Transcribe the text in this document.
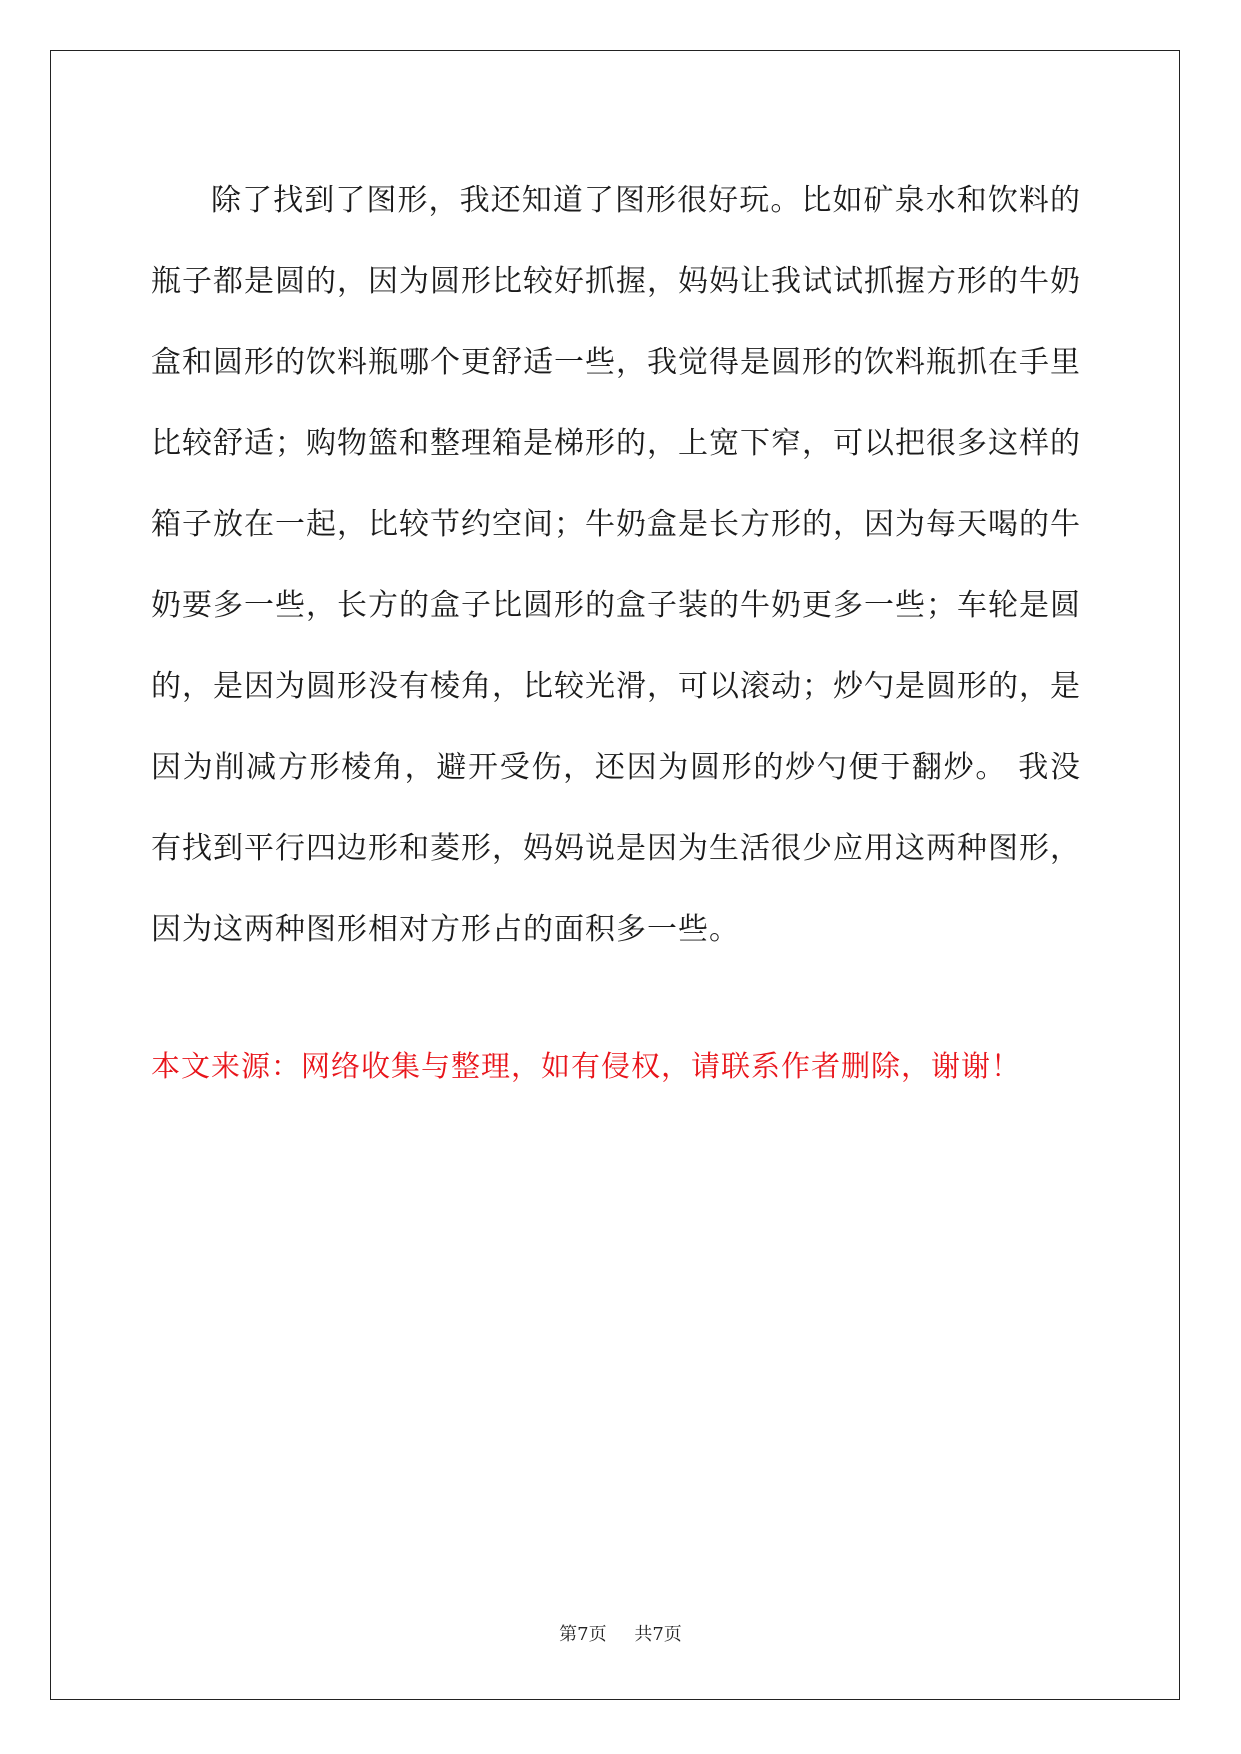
除了找到了图形，我还知道了图形很好玩。比如矿泉水和饮料的瓶子都是圆的，因为圆形比较好抓握，妈妈让我试试抓握方形的牛奶盒和圆形的饮料瓶哪个更舒适一些，我觉得是圆形的饮料瓶抓在手里比较舒适；购物篮和整理箱是梯形的，上宽下窄，可以把很多这样的箱子放在一起，比较节约空间；牛奶盒是长方形的，因为每天喝的牛奶要多一些，长方的盒子比圆形的盒子装的牛奶更多一些；车轮是圆的，是因为圆形没有棱角，比较光滑，可以滚动；炒勺是圆形的，是因为削减方形棱角，避开受伤，还因为圆形的炒勺便于翻炒。 我没有找到平行四边形和菱形，妈妈说是因为生活很少应用这两种图形，因为这两种图形相对方形占的面积多一些。

本文来源：网络收集与整理，如有侵权，请联系作者删除，谢谢！
第7页 共7页
